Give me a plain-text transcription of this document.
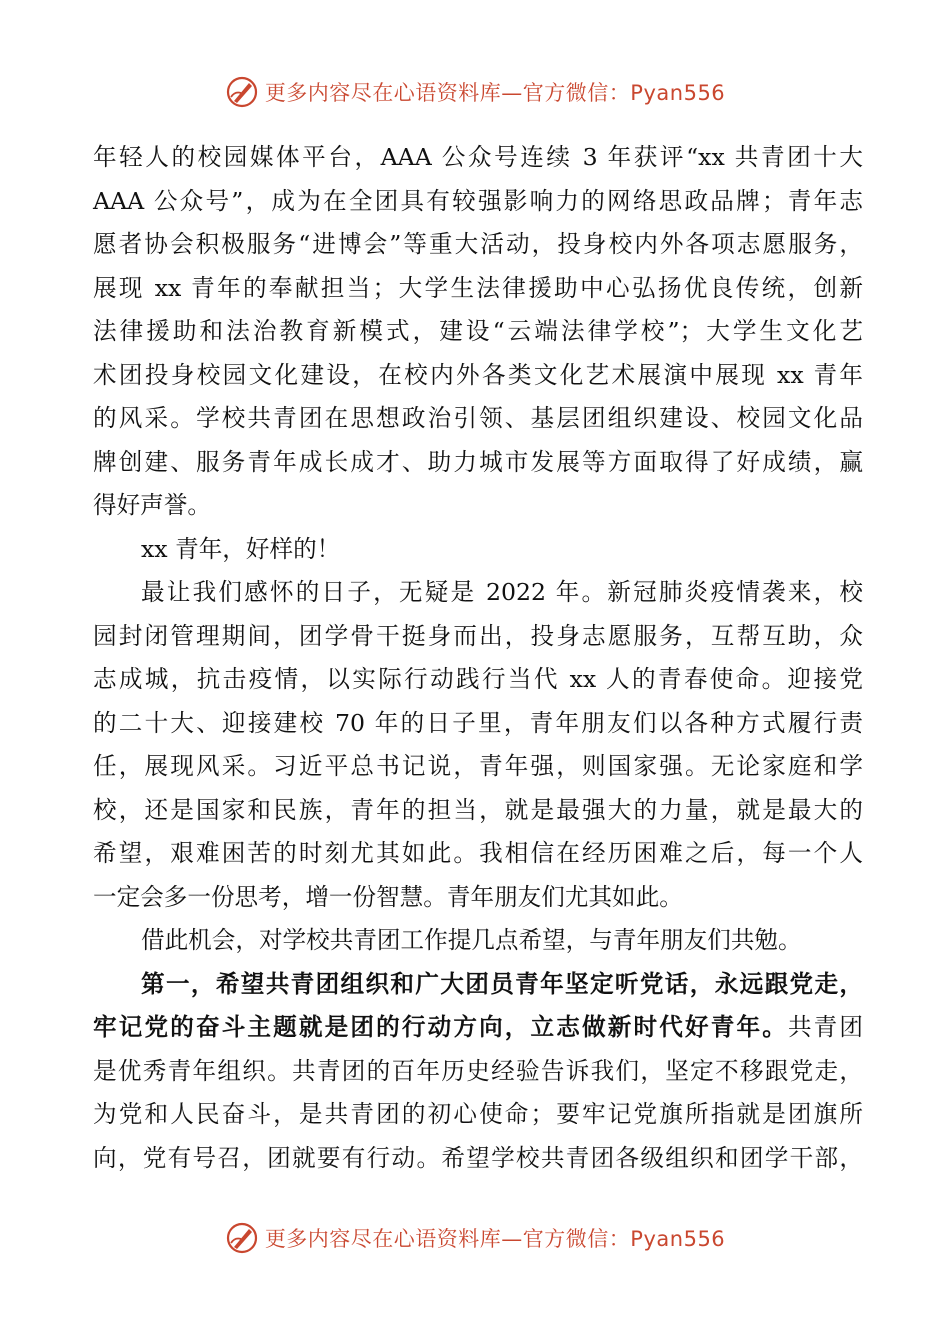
更多内容尽在心语资料库—官方微信：Pyan556
年轻人的校园媒体平台，AAA 公众号连续 3 年获评“xx 共青团十大
AAA 公众号”，成为在全团具有较强影响力的网络思政品牌；青年志
愿者协会积极服务“进博会”等重大活动，投身校内外各项志愿服务，
展现 xx 青年的奉献担当；大学生法律援助中心弘扬优良传统，创新
法律援助和法治教育新模式，建设“云端法律学校”；大学生文化艺
术团投身校园文化建设，在校内外各类文化艺术展演中展现 xx 青年
的风采。学校共青团在思想政治引领、基层团组织建设、校园文化品
牌创建、服务青年成长成才、助力城市发展等方面取得了好成绩，赢
得好声誉。
xx 青年，好样的！
最让我们感怀的日子，无疑是 2022 年。新冠肺炎疫情袭来，校
园封闭管理期间，团学骨干挺身而出，投身志愿服务，互帮互助，众
志成城，抗击疫情，以实际行动践行当代 xx 人的青春使命。迎接党
的二十大、迎接建校 70 年的日子里，青年朋友们以各种方式履行责
任，展现风采。习近平总书记说，青年强，则国家强。无论家庭和学
校，还是国家和民族，青年的担当，就是最强大的力量，就是最大的
希望，艰难困苦的时刻尤其如此。我相信在经历困难之后，每一个人
一定会多一份思考，增一份智慧。青年朋友们尤其如此。
借此机会，对学校共青团工作提几点希望，与青年朋友们共勉。
第一，希望共青团组织和广大团员青年坚定听党话，永远跟党走，
牢记党的奋斗主题就是团的行动方向，立志做新时代好青年。共青团
是优秀青年组织。共青团的百年历史经验告诉我们，坚定不移跟党走，
为党和人民奋斗，是共青团的初心使命；要牢记党旗所指就是团旗所
向，党有号召，团就要有行动。希望学校共青团各级组织和团学干部，
更多内容尽在心语资料库—官方微信：Pyan556
